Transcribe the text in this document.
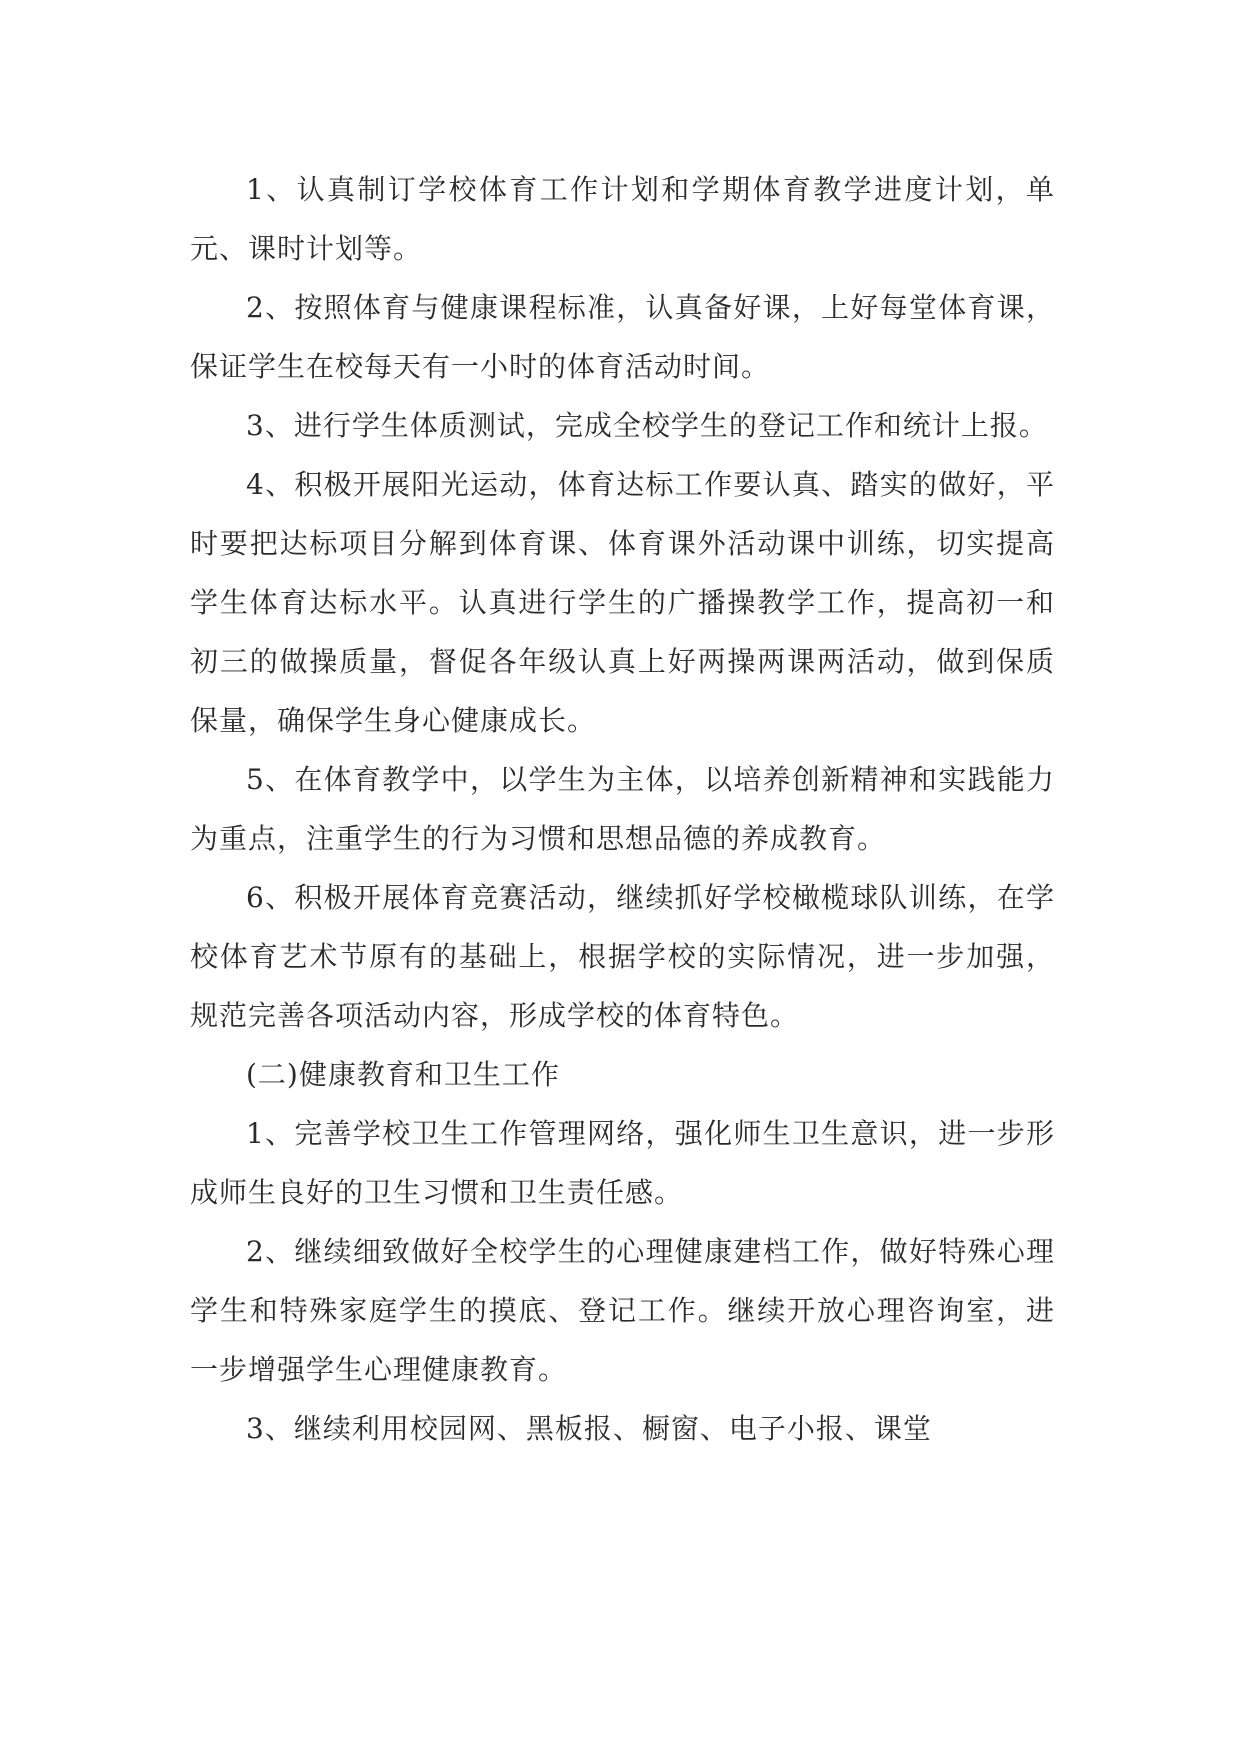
1、认真制订学校体育工作计划和学期体育教学进度计划，单元、课时计划等。

2、按照体育与健康课程标准，认真备好课，上好每堂体育课，保证学生在校每天有一小时的体育活动时间。

3、进行学生体质测试，完成全校学生的登记工作和统计上报。

4、积极开展阳光运动，体育达标工作要认真、踏实的做好，平时要把达标项目分解到体育课、体育课外活动课中训练，切实提高学生体育达标水平。认真进行学生的广播操教学工作，提高初一和初三的做操质量，督促各年级认真上好两操两课两活动，做到保质保量，确保学生身心健康成长。

5、在体育教学中，以学生为主体，以培养创新精神和实践能力为重点，注重学生的行为习惯和思想品德的养成教育。

6、积极开展体育竞赛活动，继续抓好学校橄榄球队训练，在学校体育艺术节原有的基础上，根据学校的实际情况，进一步加强，规范完善各项活动内容，形成学校的体育特色。

(二)健康教育和卫生工作

1、完善学校卫生工作管理网络，强化师生卫生意识，进一步形成师生良好的卫生习惯和卫生责任感。

2、继续细致做好全校学生的心理健康建档工作，做好特殊心理学生和特殊家庭学生的摸底、登记工作。继续开放心理咨询室，进一步增强学生心理健康教育。

3、继续利用校园网、黑板报、橱窗、电子小报、课堂
